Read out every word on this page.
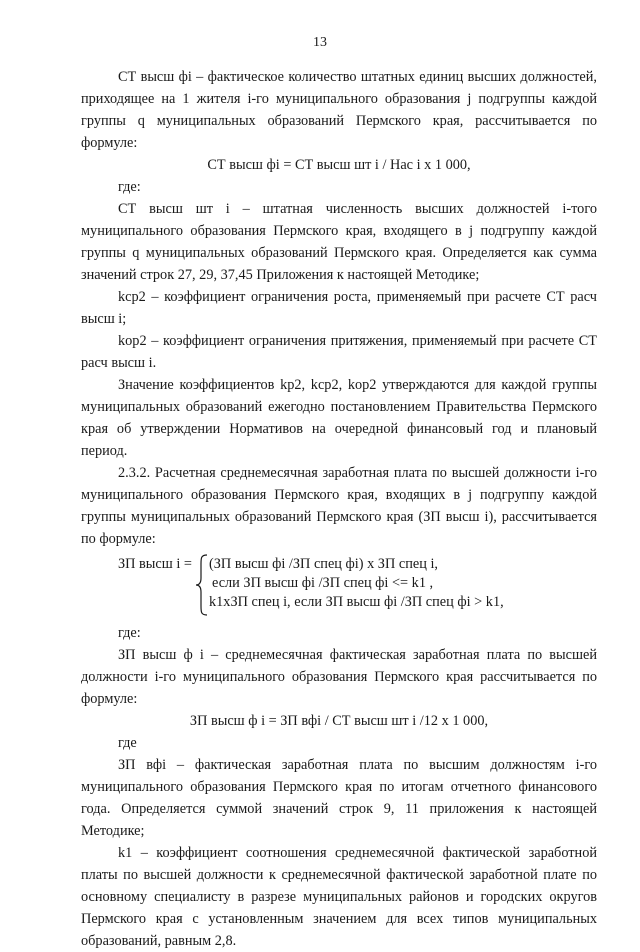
13

СТ высш фi – фактическое количество штатных единиц высших должностей, приходящее на 1 жителя i-го муниципального образования j подгруппы каждой группы q муниципальных образований Пермского края, рассчитывается по формуле:

СТ высш фi = СТ высш шт i / Нас i х 1 000,
где:

СТ высш шт i – штатная численность высших должностей i-того муниципального образования Пермского края, входящего в j подгруппу каждой группы q муниципальных образований Пермского края. Определяется как сумма значений строк 27, 29, 37,45 Приложения к настоящей Методике;

kср2 – коэффициент ограничения роста, применяемый при расчете СТ расч высш i;

kор2 – коэффициент ограничения притяжения, применяемый при расчете СТ расч высш i.

Значение коэффициентов kр2, kср2, kор2 утверждаются для каждой группы муниципальных образований ежегодно постановлением Правительства Пермского края об утверждении Нормативов на очередной финансовый год и плановый период.

2.3.2. Расчетная среднемесячная заработная плата по высшей должности i-го муниципального образования Пермского края, входящих в j подгруппу каждой группы муниципальных образований Пермского края (ЗП высш i), рассчитывается по формуле:

ЗП высш i = (ЗП высш фi /ЗП спец фi) х ЗП спец i,
если ЗП высш фi /ЗП спец фi <= k1 ,
k1хЗП спец i, если ЗП высш фi /ЗП спец фi > k1,
где:

ЗП высш ф i – среднемесячная фактическая заработная плата по высшей должности i-го муниципального образования Пермского края рассчитывается по формуле:

ЗП высш ф i = ЗП вфi / СТ высш шт i /12 х 1 000,
где

ЗП вфi – фактическая заработная плата по высшим должностям i-го муниципального образования Пермского края по итогам отчетного финансового года. Определяется суммой значений строк 9, 11 приложения к настоящей Методике;

k1 – коэффициент соотношения среднемесячной фактической заработной платы по высшей должности к среднемесячной фактической заработной плате по основному специалисту в разрезе муниципальных районов и городских округов Пермского края с установленным значением для всех типов муниципальных образований, равным 2,8.
